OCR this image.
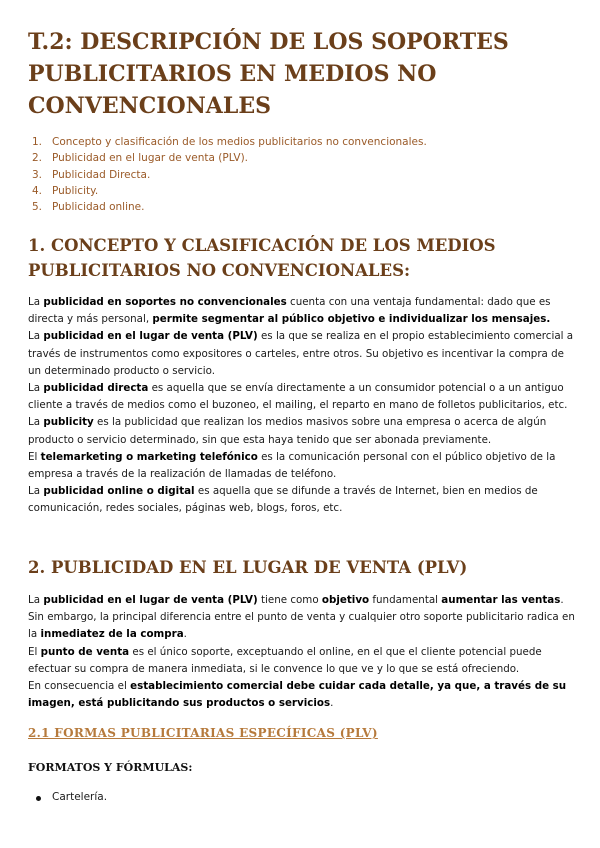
T.2: DESCRIPCIÓN DE LOS SOPORTES PUBLICITARIOS EN MEDIOS NO CONVENCIONALES
1. Concepto y clasificación de los medios publicitarios no convencionales.
2. Publicidad en el lugar de venta (PLV).
3. Publicidad Directa.
4. Publicity.
5. Publicidad online.
1. CONCEPTO Y CLASIFICACIÓN DE LOS MEDIOS PUBLICITARIOS NO CONVENCIONALES:

La publicidad en soportes no convencionales cuenta con una ventaja fundamental: dado que es directa y más personal, permite segmentar al público objetivo e individualizar los mensajes.

La publicidad en el lugar de venta (PLV) es la que se realiza en el propio establecimiento comercial a través de instrumentos como expositores o carteles, entre otros. Su objetivo es incentivar la compra de un determinado producto o servicio.

La publicidad directa es aquella que se envía directamente a un consumidor potencial o a un antiguo cliente a través de medios como el buzoneo, el mailing, el reparto en mano de folletos publicitarios, etc.

La publicity es la publicidad que realizan los medios masivos sobre una empresa o acerca de algún producto o servicio determinado, sin que esta haya tenido que ser abonada previamente.

El telemarketing o marketing telefónico es la comunicación personal con el público objetivo de la empresa a través de la realización de llamadas de teléfono.

La publicidad online o digital es aquella que se difunde a través de Internet, bien en medios de comunicación, redes sociales, páginas web, blogs, foros, etc.

2. PUBLICIDAD EN EL LUGAR DE VENTA (PLV)

La publicidad en el lugar de venta (PLV) tiene como objetivo fundamental aumentar las ventas. Sin embargo, la principal diferencia entre el punto de venta y cualquier otro soporte publicitario radica en la inmediatez de la compra.

El punto de venta es el único soporte, exceptuando el online, en el que el cliente potencial puede efectuar su compra de manera inmediata, si le convence lo que ve y lo que se está ofreciendo.

En consecuencia el establecimiento comercial debe cuidar cada detalle, ya que, a través de su imagen, está publicitando sus productos o servicios.

2.1 FORMAS PUBLICITARIAS ESPECÍFICAS (PLV)
FORMATOS Y FÓRMULAS:
Cartelería.
